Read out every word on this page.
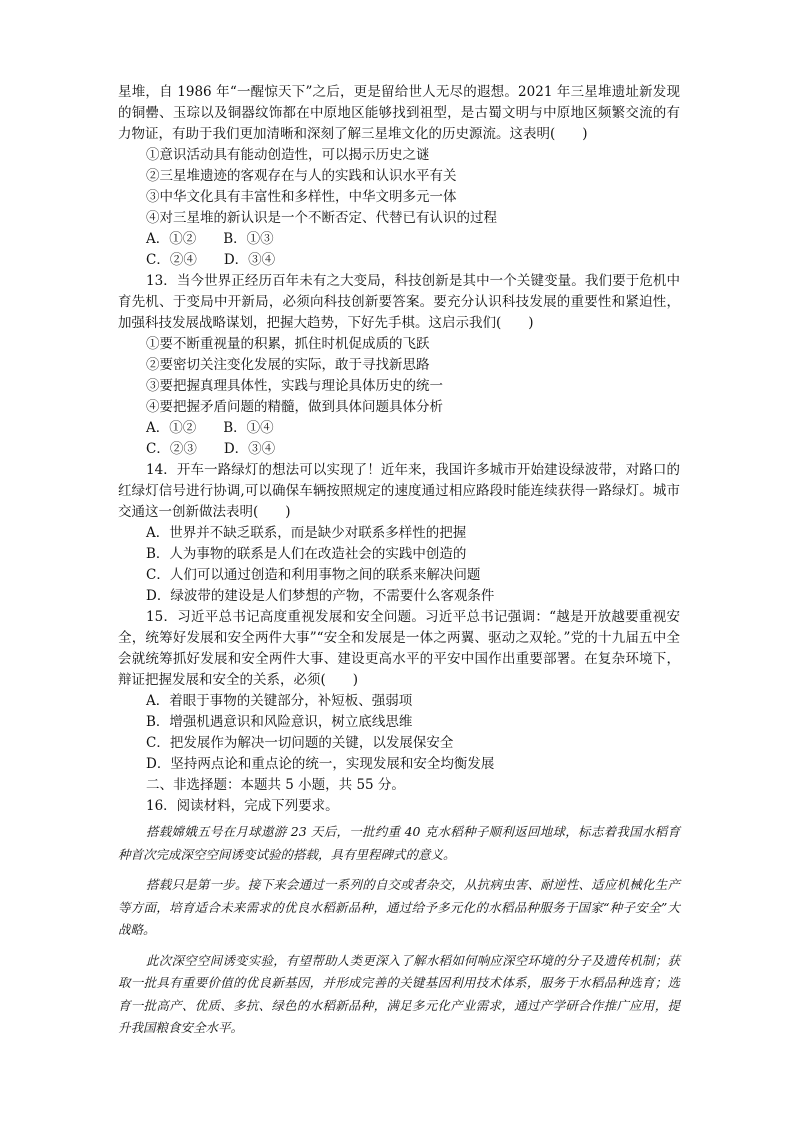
星堆，自 1986 年“一醒惊天下”之后，更是留给世人无尽的遐想。2021 年三星堆遗址新发现的铜罍、玉琮以及铜器纹饰都在中原地区能够找到祖型，是古蜀文明与中原地区频繁交流的有力物证，有助于我们更加清晰和深刻了解三星堆文化的历史源流。这表明(　　)
①意识活动具有能动创造性，可以揭示历史之谜
②三星堆遗迹的客观存在与人的实践和认识水平有关
③中华文化具有丰富性和多样性，中华文明多元一体
④对三星堆的新认识是一个不断否定、代替已有认识的过程
A．①②　　B．①③
C．②④　　D．③④
13．当今世界正经历百年未有之大变局，科技创新是其中一个关键变量。我们要于危机中育先机、于变局中开新局，必须向科技创新要答案。要充分认识科技发展的重要性和紧迫性，加强科技发展战略谋划，把握大趋势，下好先手棋。这启示我们(　　)
①要不断重视量的积累，抓住时机促成质的飞跃
②要密切关注变化发展的实际，敢于寻找新思路
③要把握真理具体性，实践与理论具体历史的统一
④要把握矛盾问题的精髓，做到具体问题具体分析
A．①②　　B．①④
C．②③　　D．③④
14．开车一路绿灯的想法可以实现了！近年来，我国许多城市开始建设绿波带，对路口的红绿灯信号进行协调,可以确保车辆按照规定的速度通过相应路段时能连续获得一路绿灯。城市交通这一创新做法表明(　　)
A．世界并不缺乏联系，而是缺少对联系多样性的把握
B．人为事物的联系是人们在改造社会的实践中创造的
C．人们可以通过创造和利用事物之间的联系来解决问题
D．绿波带的建设是人们梦想的产物，不需要什么客观条件
15．习近平总书记高度重视发展和安全问题。习近平总书记强调：“越是开放越要重视安全，统筹好发展和安全两件大事”“安全和发展是一体之两翼、驱动之双轮。”党的十九届五中全会就统筹抓好发展和安全两件大事、建设更高水平的平安中国作出重要部署。在复杂环境下，辩证把握发展和安全的关系，必须(　　)
A．着眼于事物的关键部分，补短板、强弱项
B．增强机遇意识和风险意识，树立底线思维
C．把发展作为解决一切问题的关键，以发展保安全
D．坚持两点论和重点论的统一，实现发展和安全均衡发展
二、非选择题：本题共 5 小题，共 55 分。
16．阅读材料，完成下列要求。
搭载嫦娥五号在月球遨游 23 天后，一批约重 40 克水稻种子顺利返回地球，标志着我国水稻育种首次完成深空空间诱变试验的搭载，具有里程碑式的意义。
搭载只是第一步。接下来会通过一系列的自交或者杂交，从抗病虫害、耐逆性、适应机械化生产等方面，培育适合未来需求的优良水稻新品种，通过给予多元化的水稻品种服务于国家“种子安全”大战略。
此次深空空间诱变实验，有望帮助人类更深入了解水稻如何响应深空环境的分子及遗传机制；获取一批具有重要价值的优良新基因，并形成完善的关键基因利用技术体系，服务于水稻品种选育；选育一批高产、优质、多抗、绿色的水稻新品种，满足多元化产业需求，通过产学研合作推广应用，提升我国粮食安全水平。
